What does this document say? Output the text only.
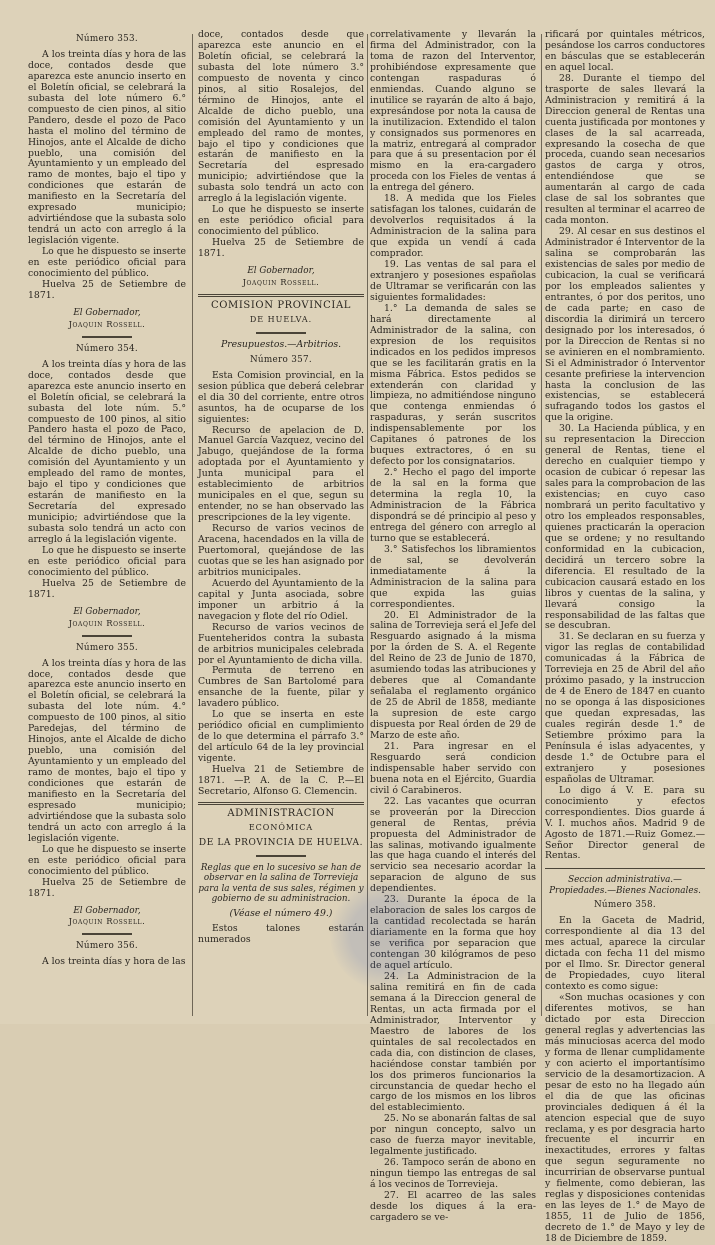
Número 353.

A los treinta días y hora de las doce, contados desde que aparezca este anuncio inserto en el Boletín oficial, se celebrará la subasta del lote número 6.° compuesto de cien pinos, al sitio Pandero, desde el pozo de Paco hasta el molino del término de Hinojos, ante el Alcalde de dicho pueblo, una comisión del Ayuntamiento y un empleado del ramo de montes, bajo el tipo y condiciones que estarán de manifiesto en la Secretaría del expresado municipio; advirtiéndose que la subasta solo tendrá un acto con arreglo á la legislación vigente.

Lo que he dispuesto se inserte en este periódico oficial para conocimiento del público.

Huelva 25 de Setiembre de 1871.

El Gobernador,
Joaquin Rossell.
Número 354.

A los treinta días y hora de las doce, contados desde que aparezca este anuncio inserto en el Boletín oficial, se celebrará la subasta del lote núm. 5.° compuesto de 100 pinos, al sitio Pandero hasta el pozo de Paco, del término de Hinojos, ante el Alcalde de dicho pueblo, una comisión del Ayuntamiento y un empleado del ramo de montes, bajo el tipo y condiciones que estarán de manifiesto en la Secretaría del expresado municipio; advirtiéndose que la subasta solo tendrá un acto con arreglo á la legislación vigente.

Lo que he dispuesto se inserte en este periódico oficial para conocimiento del público.

Huelva 25 de Setiembre de 1871.

El Gobernador,
Joaquin Rossell.
Número 355.

A los treinta días y hora de las doce, contados desde que aparezca este anuncio inserto en el Boletín oficial, se celebrará la subasta del lote núm. 4.° compuesto de 100 pinos, al sitio Paredejas, del término de Hinojos, ante el Alcalde de dicho pueblo, una comisión del Ayuntamiento y un empleado del ramo de montes, bajo el tipo y condiciones que estarán de manifiesto en la Secretaría del espresado municipio; advirtiéndose que la subasta solo tendrá un acto con arreglo á la legislación vigente.

Lo que he dispuesto se inserte en este periódico oficial para conocimiento del público.

Huelva 25 de Setiembre de 1871.

El Gobernador,
Joaquin Rossell.
Número 356.

A los treinta días y hora de las

doce, contados desde que aparezca este anuncio en el Boletín oficial, se celebrará la subasta del lote número 3.° compuesto de noventa y cinco pinos, al sitio Rosalejos, del término de Hinojos, ante el Alcalde de dicho pueblo, una comisión del Ayuntamiento y un empleado del ramo de montes, bajo el tipo y condiciones que estarán de manifiesto en la Secretaría del espresado municipio; advirtiéndose que la subasta solo tendrá un acto con arreglo á la legislación vigente.

Lo que he dispuesto se inserte en este periódico oficial para conocimiento del público.

Huelva 25 de Setiembre de 1871.

El Gobernador,
Joaquin Rossell.
COMISION PROVINCIAL
DE HUELVA.
Presupuestos.—Arbitrios.
Número 357.

Esta Comision provincial, en la sesion pública que deberá celebrar el dia 30 del corriente, entre otros asuntos, ha de ocuparse de los siguientes:

Recurso de apelacion de D. Manuel García Vazquez, vecino del Jabugo, quejándose de la forma adoptada por el Ayuntamiento y Junta municipal para el establecimiento de arbitrios municipales en el que, segun su entender, no se han observado las prescripciones de la ley vigente.

Recurso de varios vecinos de Aracena, hacendados en la villa de Puertomoral, quejándose de las cuotas que se les han asignado por arbitrios municipales.

Acuerdo del Ayuntamiento de la capital y Junta asociada, sobre imponer un arbitrio á la navegacion y flote del río Odiel.

Recurso de varios vecinos de Fuenteheridos contra la subasta de arbitrios municipales celebrada por el Ayuntamiento de dicha villa.

Permuta de terreno en Cumbres de San Bartolomé para ensanche de la fuente, pilar y lavadero público.

Lo que se inserta en este periódico oficial en cumplimiento de lo que determina el párrafo 3.° del artículo 64 de la ley provincial vigente.

Huelva 21 de Setiembre de 1871. —P. A. de la C. P.—El Secretario, Alfonso G. Clemencin.

ADMINISTRACION
ECONÓMICA
DE LA PROVINCIA DE HUELVA.
Reglas que en lo sucesivo se han de observar en la salina de Torrevieja para la venta de sus sales, régimen y gobierno de su administracion.
(Véase el número 49.)

Estos talones estarán numerados

correlativamente y llevarán la firma del Administrador, con la toma de razon del Interventor, prohibiéndose expresamente que contengan raspaduras ó enmiendas. Cuando alguno se inutilice se rayarán de alto á bajo, expresándose por nota la causa de la inutilizacion. Extendido el talon y consignados sus pormenores en la matriz, entregará al comprador para que á su presentacion por él mismo en la era-cargadero proceda con los Fieles de ventas á la entrega del género.

18. A medida que los Fieles satisfagan los talones, cuidarán de devolverlos requisitados á la Administracion de la salina para que expida un vendí á cada comprador.

19. Las ventas de sal para el extranjero y posesiones españolas de Ultramar se verificarán con las siguientes formalidades:

1.° La demanda de sales se hará directamente al Administrador de la salina, con expresion de los requisitos indicados en los pedidos impresos que se les facilitarán gratis en la misma Fábrica. Estos pedidos se extenderán con claridad y limpieza, no admitiéndose ninguno que contenga enmiendas ó raspaduras, y serán suscritos indispensablemente por los Capitanes ó patrones de los buques extractores, ó en su defecto por los consignatarios.

2.° Hecho el pago del importe de la sal en la forma que determina la regla 10, la Administracion de la Fábrica dispondrá se dé principio al peso y entrega del género con arreglo al turno que se establecerá.

3.° Satisfechos los libramientos de sal, se devolverán inmediatamente á la Administracion de la salina para que expida las guias correspondientes.

20. El Administrador de la salina de Torrevieja será el Jefe del Resguardo asignado á la misma por la órden de S. A. el Regente del Reino de 23 de Junio de 1870, asumiendo todas las atribuciones y deberes que al Comandante señalaba el reglamento orgánico de 25 de Abril de 1858, mediante la supresion de este cargo dispuesta por Real órden de 29 de Marzo de este año.

21. Para ingresar en el Resguardo será condicion indispensable haber servido con buena nota en el Ejército, Guardia civil ó Carabineros.

22. Las vacantes que ocurran se proveerán por la Direccion general de Rentas, prévia propuesta del Administrador de las salinas, motivando igualmente las que haga cuando el interés del servicio sea necesario acordar la separacion de alguno de sus dependientes.

23. Durante la época de la elaboracion de sales los cargos de la cantidad recolectada se harán diariamente en la forma que hoy se verifica por separacion que contengan 30 kilógramos de peso de aquel artículo.

24. La Administracion de la salina remitirá en fin de cada semana á la Direccion general de Rentas, un acta firmada por el Administrador, Interventor y Maestro de labores de los quintales de sal recolectados en cada dia, con distincion de clases, haciéndose constar también por los dos primeros funcionarios la circunstancia de quedar hecho el cargo de los mismos en los libros del establecimiento.

25. No se abonarán faltas de sal por ningun concepto, salvo un caso de fuerza mayor inevitable, legalmente justificado.

26. Tampoco serán de abono en ningun tiempo las entregas de sal á los vecinos de Torrevieja.

27. El acarreo de las sales desde los diques á la era-cargadero se ve-

rificará por quintales métricos, pesándose los carros conductores en básculas que se establecerán en aquel local.

28. Durante el tiempo del trasporte de sales llevará la Administracion y remitirá á la Direccion general de Rentas una cuenta justificada por montones y clases de la sal acarreada, expresando la cosecha de que proceda, cuando sean necesarios gastos de carga y otros, entendiéndose que se aumentarán al cargo de cada clase de sal los sobrantes que resulten al terminar el acarreo de cada monton.

29. Al cesar en sus destinos el Administrador é Interventor de la salina se comprobarán las existencias de sales por medio de cubicacion, la cual se verificará por los empleados salientes y entrantes, ó por dos peritos, uno de cada parte; en caso de discordia la dirimirá un tercero designado por los interesados, ó por la Direccion de Rentas si no se avinieren en el nombramiento. Si el Administrador ó Interventor cesante prefiriese la intervencion hasta la conclusion de las existencias, se establecerá sufragando todos los gastos el que la origine.

30. La Hacienda pública, y en su representacion la Direccion general de Rentas, tiene el derecho en cualquier tiempo y ocasion de cubicar ó repesar las sales para la comprobacion de las existencias; en cuyo caso nombrará un perito facultativo y otro los empleados responsables, quienes practicarán la operacion que se ordene; y no resultando conformidad en la cubicacion, decidirá un tercero sobre la diferencia. El resultado de la cubicacion causará estado en los libros y cuentas de la salina, y llevará consigo la responsabilidad de las faltas que se descubran.

31. Se declaran en su fuerza y vigor las reglas de contabilidad comunicadas á la Fábrica de Torrevieja en 25 de Abril del año próximo pasado, y la instruccion de 4 de Enero de 1847 en cuanto no se oponga á las disposiciones que quedan expresadas, las cuales regirán desde 1.° de Setiembre próximo para la Península é islas adyacentes, y desde 1.° de Octubre para el extranjero y posesiones españolas de Ultramar.

Lo digo á V. E. para su conocimiento y efectos correspondientes. Dios guarde á V. I. muchos años. Madrid 9 de Agosto de 1871.—Ruiz Gomez.—Señor Director general de Rentas.

Seccion administrativa.—Propiedades.—Bienes Nacionales.
Número 358.

En la Gaceta de Madrid, correspondiente al dia 13 del mes actual, aparece la circular dictada con fecha 11 del mismo por el Ilmo. Sr. Director general de Propiedades, cuyo literal contexto es como sigue:

«Son muchas ocasiones y con diferentes motivos, se han dictado por esta Direccion general reglas y advertencias las más minuciosas acerca del modo y forma de llenar cumplidamente y con acierto el importantísimo servicio de la desamortizacion. A pesar de esto no ha llegado aún el dia de que las oficinas provinciales dediquen á él la atencion especial que de suyo reclama, y es por desgracia harto frecuente el incurrir en inexactitudes, errores y faltas que segun seguramente no incurririan de observarse puntual y fielmente, como debieran, las reglas y disposiciones contenidas en las leyes de 1.° de Mayo de 1855, 11 de Julio de 1856, decreto de 1.° de Mayo y ley de 18 de Diciembre de 1859.
